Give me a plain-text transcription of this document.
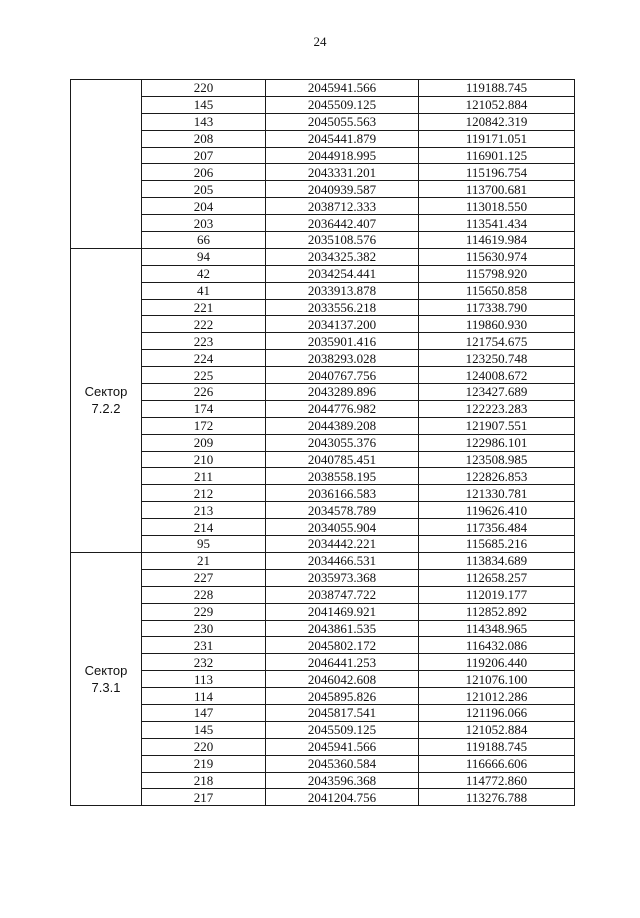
24
	220	2045941.566	119188.745
	145	2045509.125	121052.884
	143	2045055.563	120842.319
	208	2045441.879	119171.051
	207	2044918.995	116901.125
	206	2043331.201	115196.754
	205	2040939.587	113700.681
	204	2038712.333	113018.550
	203	2036442.407	113541.434
	66	2035108.576	114619.984

Сектор
7.2.2	94	2034325.382	115630.974
	42	2034254.441	115798.920
	41	2033913.878	115650.858
	221	2033556.218	117338.790
	222	2034137.200	119860.930
	223	2035901.416	121754.675
	224	2038293.028	123250.748
	225	2040767.756	124008.672
	226	2043289.896	123427.689
	174	2044776.982	122223.283
	172	2044389.208	121907.551
	209	2043055.376	122986.101
	210	2040785.451	123508.985
	211	2038558.195	122826.853
	212	2036166.583	121330.781
	213	2034578.789	119626.410
	214	2034055.904	117356.484
	95	2034442.221	115685.216

Сектор
7.3.1	21	2034466.531	113834.689
	227	2035973.368	112658.257
	228	2038747.722	112019.177
	229	2041469.921	112852.892
	230	2043861.535	114348.965
	231	2045802.172	116432.086
	232	2046441.253	119206.440
	113	2046042.608	121076.100
	114	2045895.826	121012.286
	147	2045817.541	121196.066
	145	2045509.125	121052.884
	220	2045941.566	119188.745
	219	2045360.584	116666.606
	218	2043596.368	114772.860
	217	2041204.756	113276.788
